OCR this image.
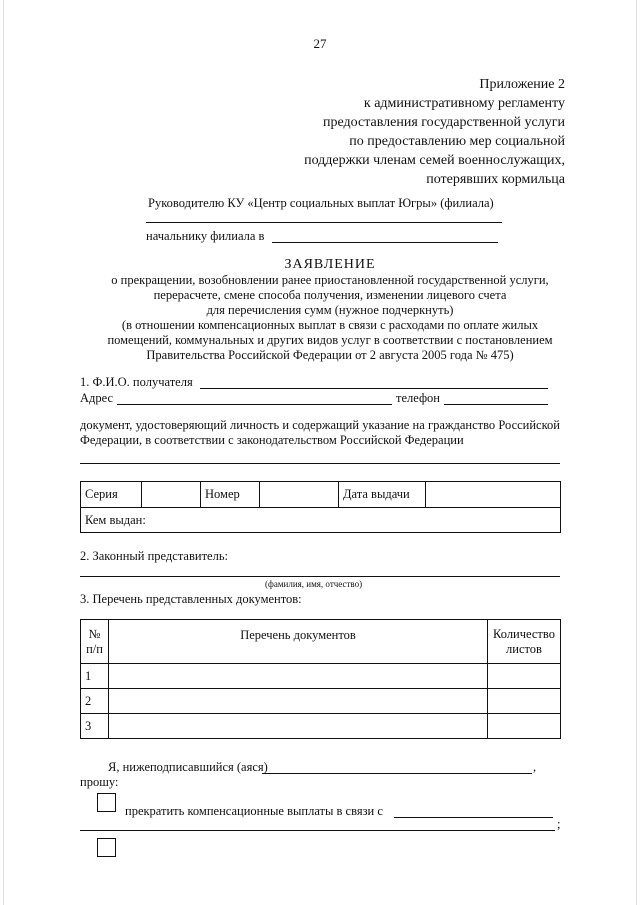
27
Приложение 2
к административному регламенту
предоставления государственной услуги
по предоставлению мер социальной
поддержки членам семей военнослужащих,
потерявших кормильца
Руководителю КУ «Центр социальных выплат Югры» (филиала)
начальнику филиала в
ЗАЯВЛЕНИЕ
о прекращении, возобновлении ранее приостановленной государственной услуги,
перерасчете, смене способа получения, изменении лицевого счета
для перечисления сумм (нужное подчеркнуть)
(в отношении компенсационных выплат в связи с расходами по оплате жилых
помещений, коммунальных и других видов услуг в соответствии с постановлением
Правительства Российской Федерации от 2 августа 2005 года № 475)
1. Ф.И.О. получателя
Адрес	телефон
документ, удостоверяющий личность и содержащий указание на гражданство Российской Федерации, в соответствии с законодательством Российской Федерации
Серия		Номер		Дата выдачи	
Кем выдан:
2. Законный представитель:
(фамилия, имя, отчество)
3. Перечень представленных документов:
№ п/п	Перечень документов	Количество листов
1		
2		
3		
Я, нижеподписавшийся (аяся)	,
прошу:
прекратить компенсационные выплаты в связи с
;
